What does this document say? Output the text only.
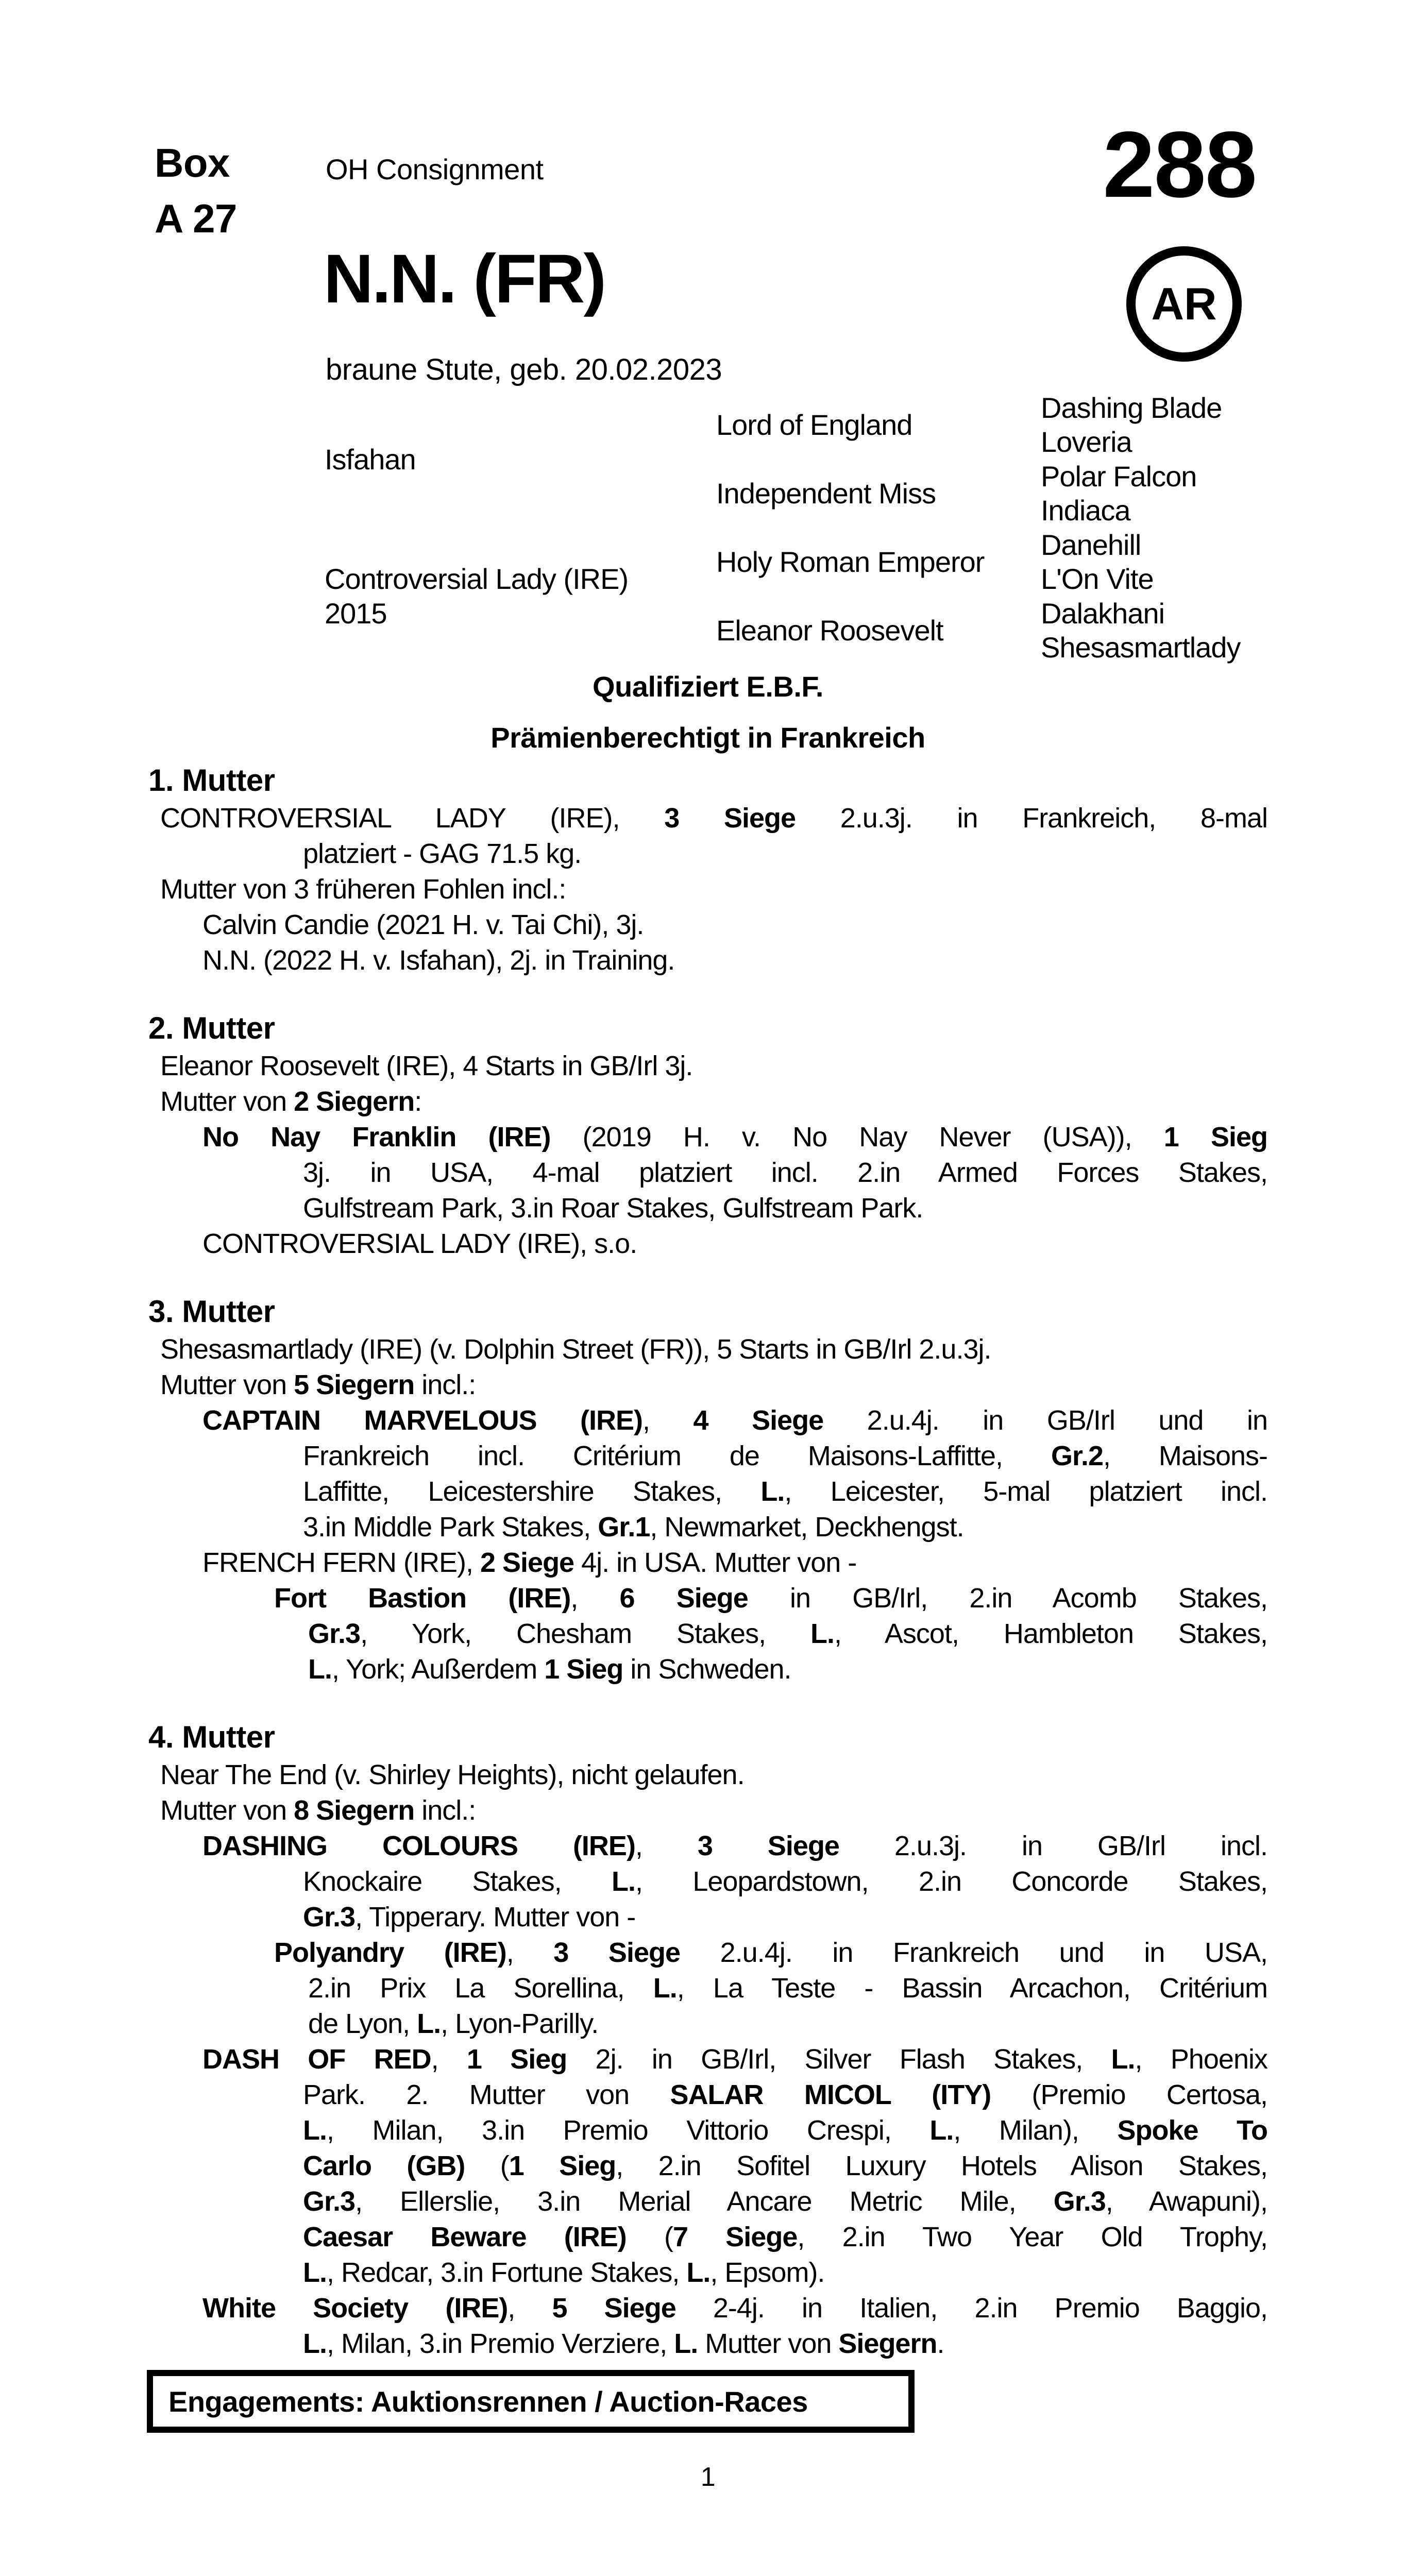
Box
A 27
OH Consignment	288
AR
N.N. (FR)
braune Stute, geb. 20.02.2023
Isfahan
Controversial Lady (IRE)
2015
Lord of England
Independent Miss
Holy Roman Emperor
Eleanor Roosevelt
Dashing Blade
Loveria
Polar Falcon
Indiaca
Danehill
L'On Vite
Dalakhani
Shesasmartlady
Qualifiziert E.B.F.
Prämienberechtigt in Frankreich
1. Mutter
CONTROVERSIAL LADY (IRE), 3 Siege 2.u.3j. in Frankreich, 8-mal
platziert - GAG 71.5 kg.
Mutter von 3 früheren Fohlen incl.:
Calvin Candie (2021 H. v. Tai Chi), 3j.
N.N. (2022 H. v. Isfahan), 2j. in Training.
2. Mutter
Eleanor Roosevelt (IRE), 4 Starts in GB/Irl 3j.
Mutter von 2 Siegern:
No Nay Franklin (IRE) (2019 H. v. No Nay Never (USA)), 1 Sieg
3j. in USA, 4-mal platziert incl. 2.in Armed Forces Stakes,
Gulfstream Park, 3.in Roar Stakes, Gulfstream Park.
CONTROVERSIAL LADY (IRE), s.o.
3. Mutter
Shesasmartlady (IRE) (v. Dolphin Street (FR)), 5 Starts in GB/Irl 2.u.3j.
Mutter von 5 Siegern incl.:
CAPTAIN MARVELOUS (IRE), 4 Siege 2.u.4j. in GB/Irl und in
Frankreich incl. Critérium de Maisons-Laffitte, Gr.2, Maisons-
Laffitte, Leicestershire Stakes, L., Leicester, 5-mal platziert incl.
3.in Middle Park Stakes, Gr.1, Newmarket, Deckhengst.
FRENCH FERN (IRE), 2 Siege 4j. in USA. Mutter von -
Fort Bastion (IRE), 6 Siege in GB/Irl, 2.in Acomb Stakes,
Gr.3, York, Chesham Stakes, L., Ascot, Hambleton Stakes,
L., York; Außerdem 1 Sieg in Schweden.
4. Mutter
Near The End (v. Shirley Heights), nicht gelaufen.
Mutter von 8 Siegern incl.:
DASHING COLOURS (IRE), 3 Siege 2.u.3j. in GB/Irl incl.
Knockaire Stakes, L., Leopardstown, 2.in Concorde Stakes,
Gr.3, Tipperary. Mutter von -
Polyandry (IRE), 3 Siege 2.u.4j. in Frankreich und in USA,
2.in Prix La Sorellina, L., La Teste - Bassin Arcachon, Critérium
de Lyon, L., Lyon-Parilly.
DASH OF RED, 1 Sieg 2j. in GB/Irl, Silver Flash Stakes, L., Phoenix
Park. 2. Mutter von SALAR MICOL (ITY) (Premio Certosa,
L., Milan, 3.in Premio Vittorio Crespi, L., Milan), Spoke To
Carlo (GB) (1 Sieg, 2.in Sofitel Luxury Hotels Alison Stakes,
Gr.3, Ellerslie, 3.in Merial Ancare Metric Mile, Gr.3, Awapuni),
Caesar Beware (IRE) (7 Siege, 2.in Two Year Old Trophy,
L., Redcar, 3.in Fortune Stakes, L., Epsom).
White Society (IRE), 5 Siege 2-4j. in Italien, 2.in Premio Baggio,
L., Milan, 3.in Premio Verziere, L. Mutter von Siegern.
Engagements: Auktionsrennen / Auction-Races
1
